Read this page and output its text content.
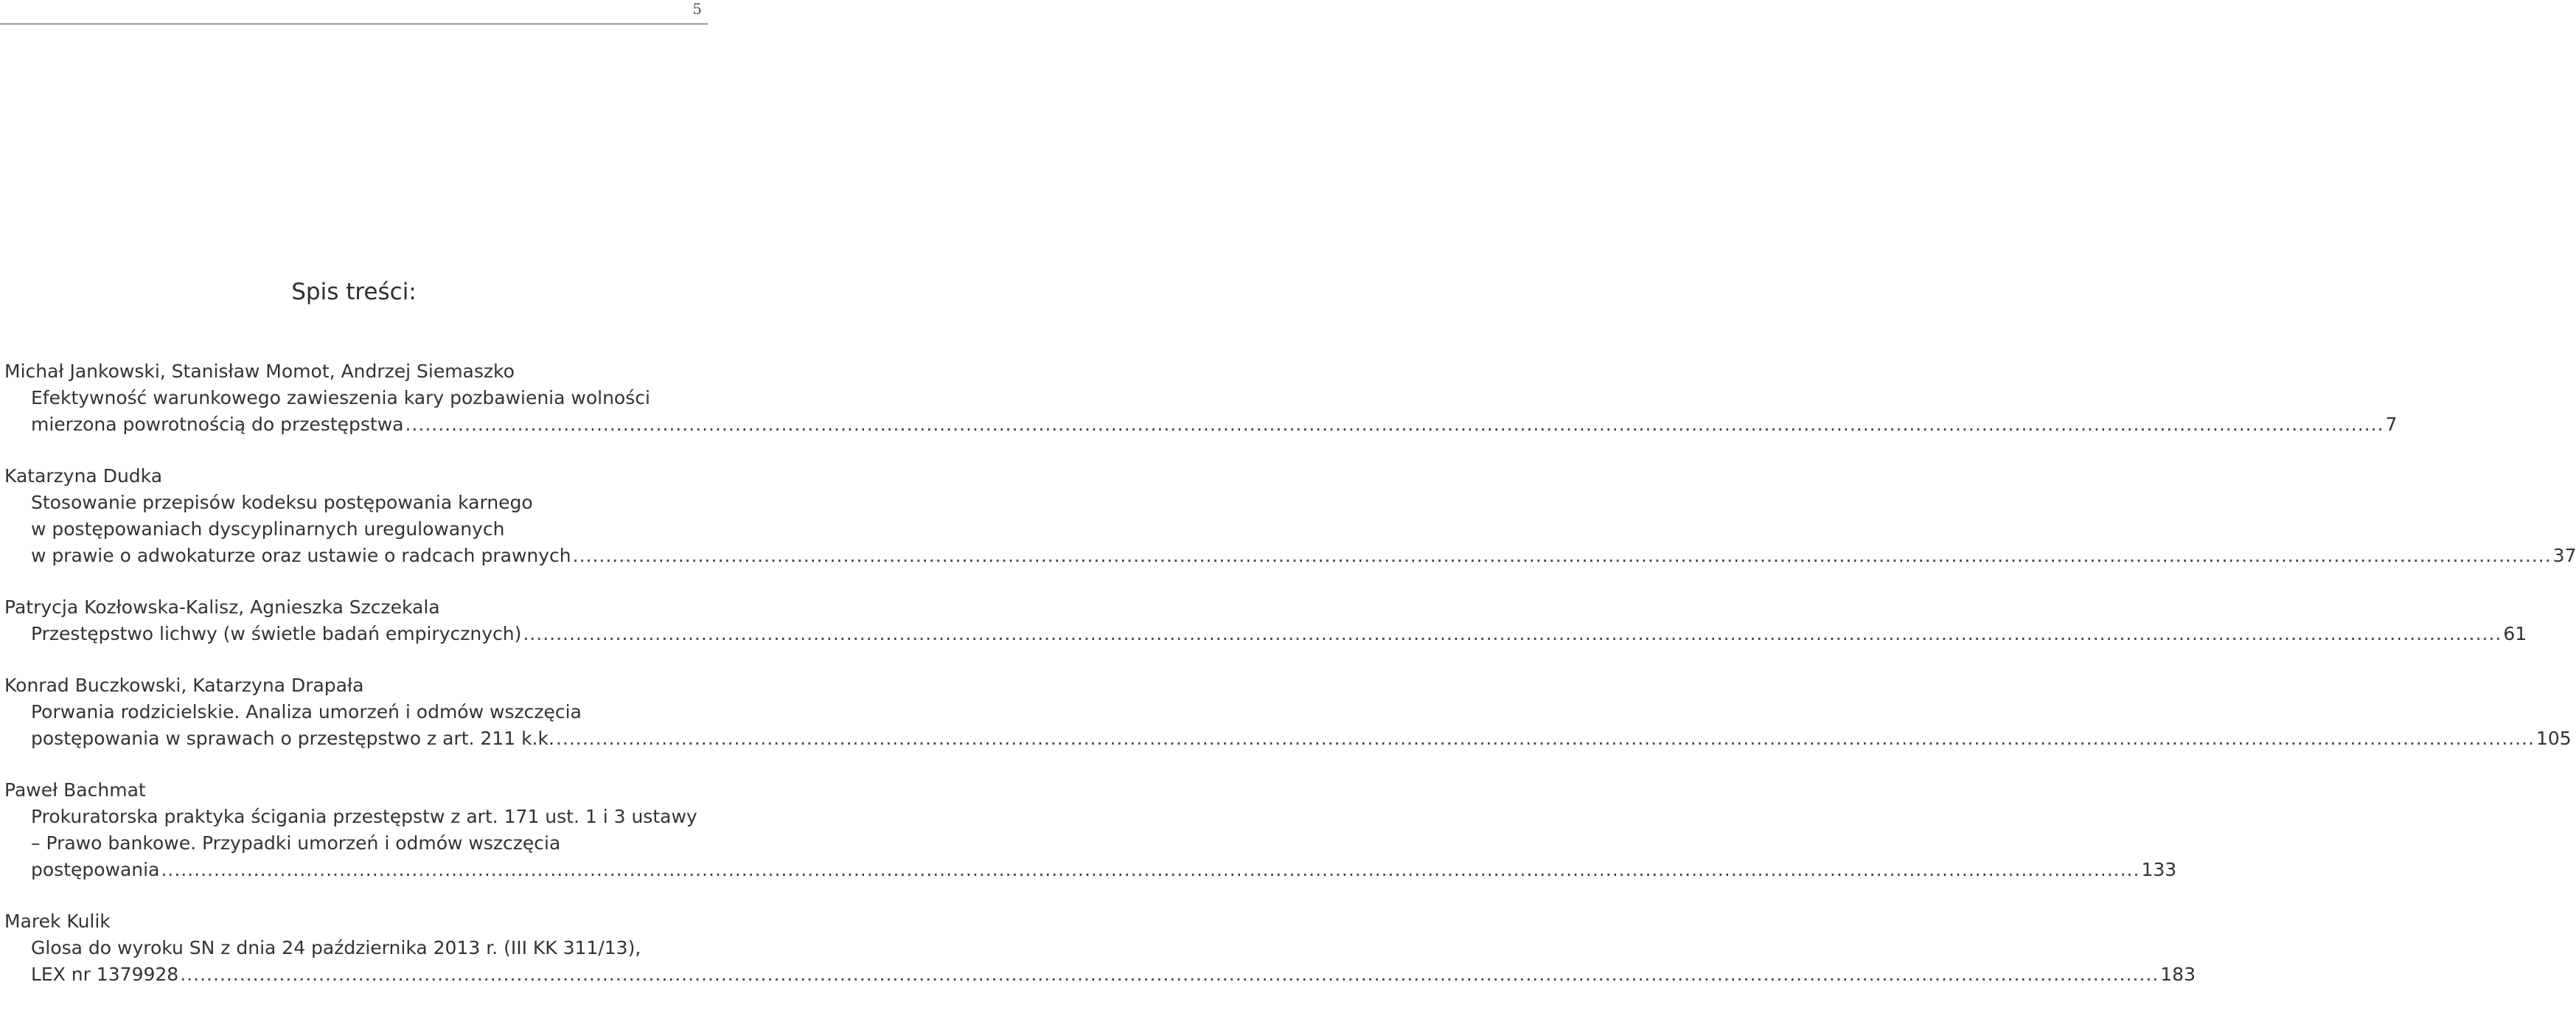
5
Spis treści:
Michał Jankowski, Stanisław Momot, Andrzej Siemaszko
Efektywność warunkowego zawieszenia kary pozbawienia wolności
mierzona powrotnością do przestępstwa ............................................................................................................................................................................................................................................................................................................ 7
Katarzyna Dudka
Stosowanie przepisów kodeksu postępowania karnego
w postępowaniach dyscyplinarnych uregulowanych
w prawie o adwokaturze oraz ustawie o radcach prawnych ............................................................................................................................................................................................................................................................................................................ 37
Patrycja Kozłowska-Kalisz, Agnieszka Szczekala
Przestępstwo lichwy (w świetle badań empirycznych) ............................................................................................................................................................................................................................................................................................................ 61
Konrad Buczkowski, Katarzyna Drapała
Porwania rodzicielskie. Analiza umorzeń i odmów wszczęcia
postępowania w sprawach o przestępstwo z art. 211 k.k. ............................................................................................................................................................................................................................................................................................................ 105
Paweł Bachmat
Prokuratorska praktyka ścigania przestępstw z art. 171 ust. 1 i 3 ustawy
– Prawo bankowe. Przypadki umorzeń i odmów wszczęcia
postępowania ............................................................................................................................................................................................................................................................................................................ 133
Marek Kulik
Glosa do wyroku SN z dnia 24 października 2013 r. (III KK 311/13),
LEX nr 1379928 ............................................................................................................................................................................................................................................................................................................ 183
